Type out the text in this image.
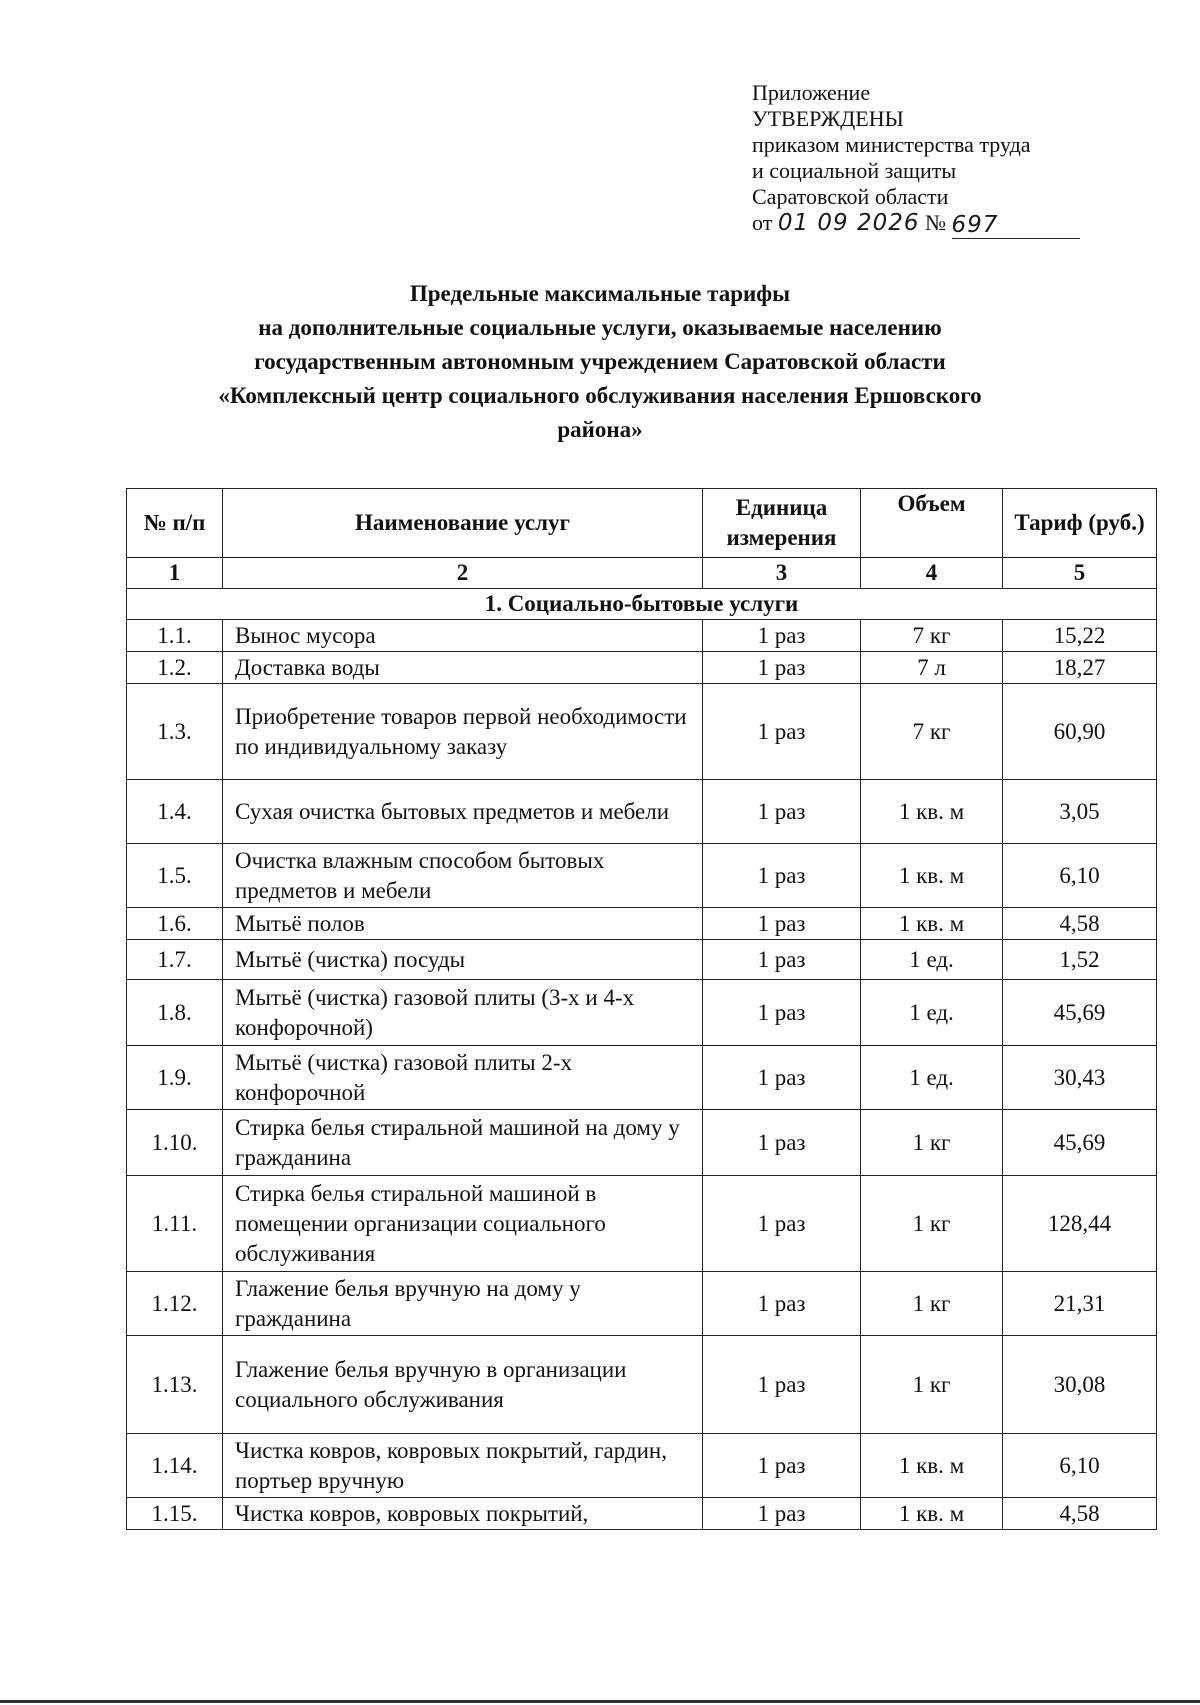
Приложение
УТВЕРЖДЕНЫ
приказом министерства труда
и социальной защиты
Саратовской области
от 01 09 2026 № 697
Предельные максимальные тарифы
на дополнительные социальные услуги, оказываемые населению
государственным автономным учреждением Саратовской области
«Комплексный центр социального обслуживания населения Ершовского
района»
№ п/п	Наименование услуг	Единица измерения	Объем	Тариф (руб.)
1	2	3	4	5
1. Социально-бытовые услуги				
1.1.	Вынос мусора	1 раз	7 кг	15,22
1.2.	Доставка воды	1 раз	7 л	18,27
1.3.	Приобретение товаров первой необходимости по индивидуальному заказу	1 раз	7 кг	60,90
1.4.	Сухая очистка бытовых предметов и мебели	1 раз	1 кв. м	3,05
1.5.	Очистка влажным способом бытовых предметов и мебели	1 раз	1 кв. м	6,10
1.6.	Мытьё полов	1 раз	1 кв. м	4,58
1.7.	Мытьё (чистка) посуды	1 раз	1 ед.	1,52
1.8.	Мытьё (чистка) газовой плиты (3-х и 4-х конфорочной)	1 раз	1 ед.	45,69
1.9.	Мытьё (чистка) газовой плиты 2-х конфорочной	1 раз	1 ед.	30,43
1.10.	Стирка белья стиральной машиной на дому у гражданина	1 раз	1 кг	45,69
1.11.	Стирка белья стиральной машиной в помещении организации социального обслуживания	1 раз	1 кг	128,44
1.12.	Глажение белья вручную на дому у гражданина	1 раз	1 кг	21,31
1.13.	Глажение белья вручную в организации социального обслуживания	1 раз	1 кг	30,08
1.14.	Чистка ковров, ковровых покрытий, гардин, портьер вручную	1 раз	1 кв. м	6,10
1.15.	Чистка ковров, ковровых покрытий,	1 раз	1 кв. м	4,58
